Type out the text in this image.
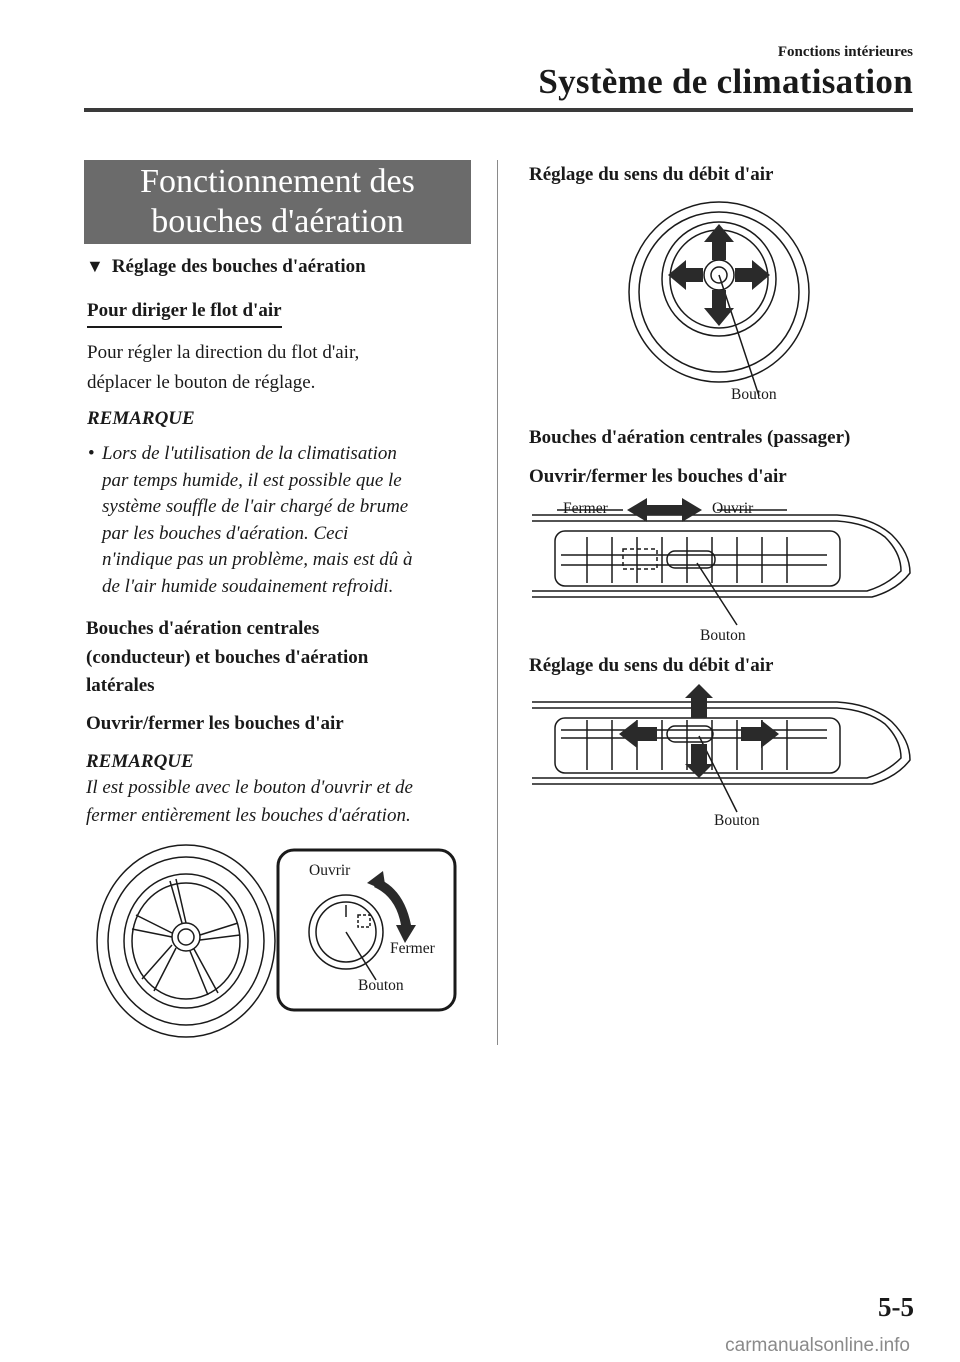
Fonctions intérieures
Système de climatisation
Fonctionnement des
bouches d'aération
▼ Réglage des bouches d'aération
Pour diriger le flot d'air
Pour régler la direction du flot d'air,
déplacer le bouton de réglage.
REMARQUE
• Lors de l'utilisation de la climatisation
par temps humide, il est possible que le
système souffle de l'air chargé de brume
par les bouches d'aération. Ceci
n'indique pas un problème, mais est dû à
de l'air humide soudainement refroidi.
Bouches d'aération centrales
(conducteur) et bouches d'aération
latérales
Ouvrir/fermer les bouches d'air
REMARQUE
Il est possible avec le bouton d'ouvrir et de
fermer entièrement les bouches d'aération.
Ouvrir
Fermer
Bouton
Réglage du sens du débit d'air
Bouton
Bouches d'aération centrales (passager)
Ouvrir/fermer les bouches d'air
Fermer	Ouvrir
Bouton
Réglage du sens du débit d'air
Bouton
5-5
carmanualsonline.info
